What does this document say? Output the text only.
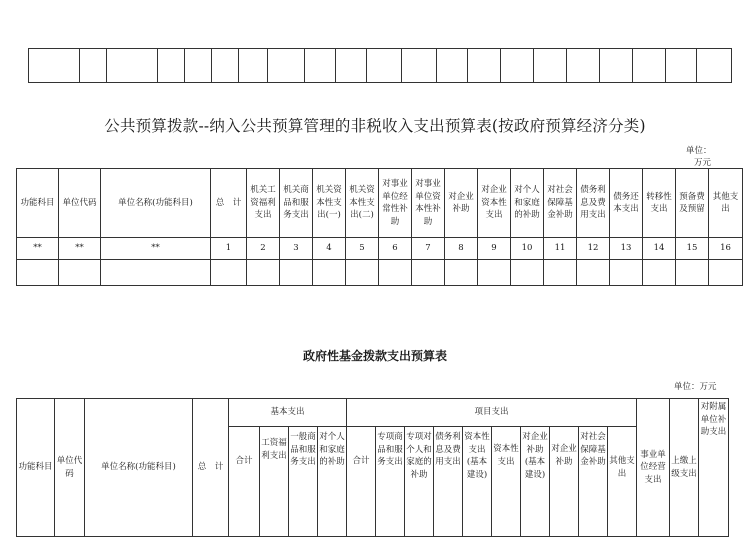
公共预算拨款--纳入公共预算管理的非税收入支出预算表(按政府预算经济分类)
单位：
万元
功能科目	单位代码	单位名称(功能科目)	总　计	机关工资福利支出	机关商品和服务支出	机关资本性支出(一)	机关资本性支出(二)	对事业单位经常性补助	对事业单位资本性补助	对企业补助	对企业资本性支出	对个人和家庭的补助	对社会保障基金补助	债务利息及费用支出	债务还本支出	转移性支出	预备费及预留	其他支出
**	**	**	1	2	3	4	5	6	7	8	9	10	11	12	13	14	15	16

政府性基金拨款支出预算表
单位：万元
功能科目	单位代码	单位名称(功能科目)	总　计	基本支出				项目支出										事业单位经营支出	上缴上级支出	对附属单位补助支出
				合计	工资福利支出	一般商品和服务支出	对个人和家庭的补助	合计	专项商品和服务支出	专项对个人和家庭的补助	债务利息及费用支出	资本性支出(基本建设)	资本性支出	对企业补助(基本建设)	对企业补助	对社会保障基金补助	其他支出			
